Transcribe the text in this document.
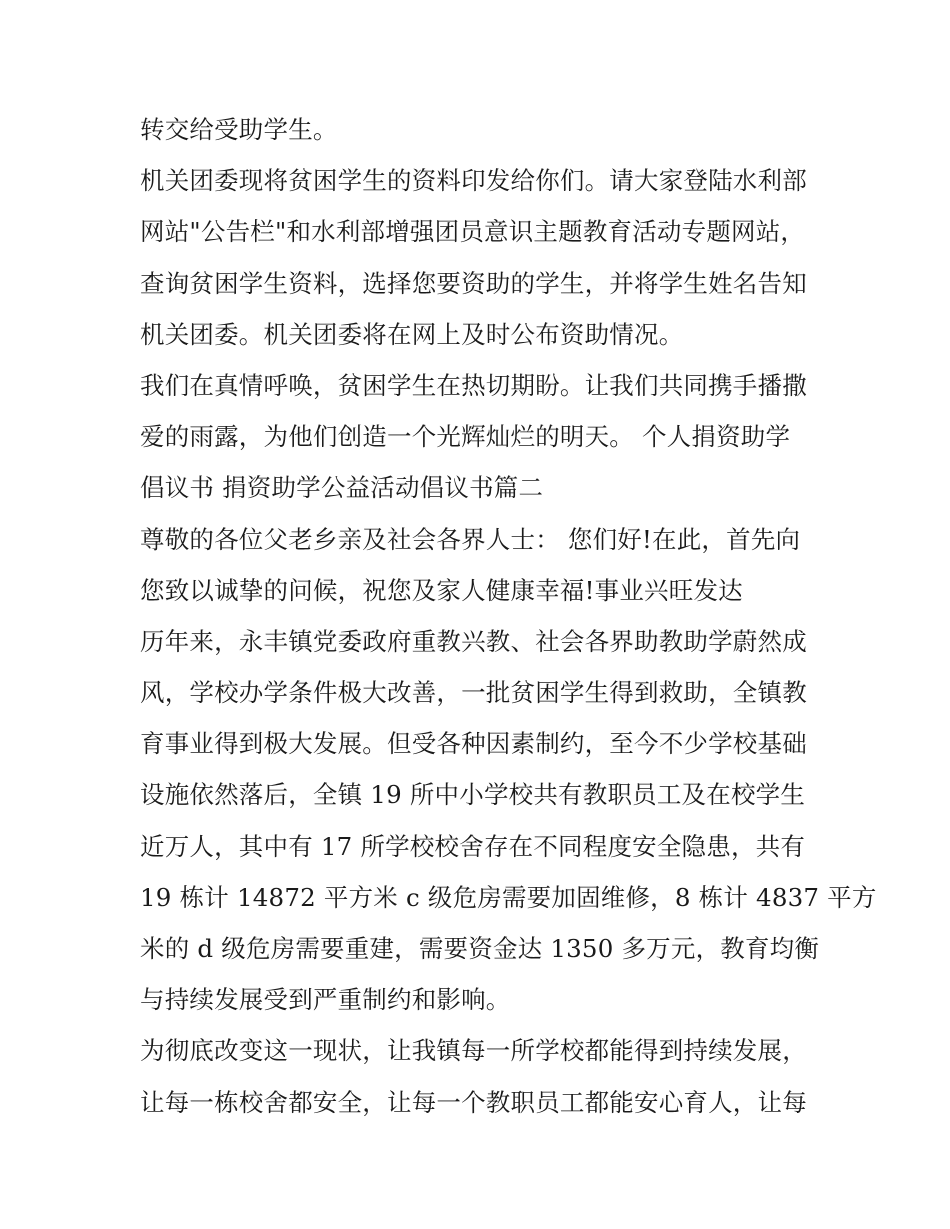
转交给受助学生。
机关团委现将贫困学生的资料印发给你们。请大家登陆水利部
网站"公告栏"和水利部增强团员意识主题教育活动专题网站，
查询贫困学生资料，选择您要资助的学生，并将学生姓名告知
机关团委。机关团委将在网上及时公布资助情况。
我们在真情呼唤，贫困学生在热切期盼。让我们共同携手播撒
爱的雨露，为他们创造一个光辉灿烂的明天。 个人捐资助学
倡议书 捐资助学公益活动倡议书篇二
尊敬的各位父老乡亲及社会各界人士： 您们好!在此，首先向
您致以诚挚的问候，祝您及家人健康幸福!事业兴旺发达
历年来，永丰镇党委政府重教兴教、社会各界助教助学蔚然成
风，学校办学条件极大改善，一批贫困学生得到救助，全镇教
育事业得到极大发展。但受各种因素制约，至今不少学校基础
设施依然落后，全镇 19 所中小学校共有教职员工及在校学生
近万人，其中有 17 所学校校舍存在不同程度安全隐患，共有
19 栋计 14872 平方米 c 级危房需要加固维修，8 栋计 4837 平方
米的 d 级危房需要重建，需要资金达 1350 多万元，教育均衡
与持续发展受到严重制约和影响。
为彻底改变这一现状，让我镇每一所学校都能得到持续发展，
让每一栋校舍都安全，让每一个教职员工都能安心育人，让每
